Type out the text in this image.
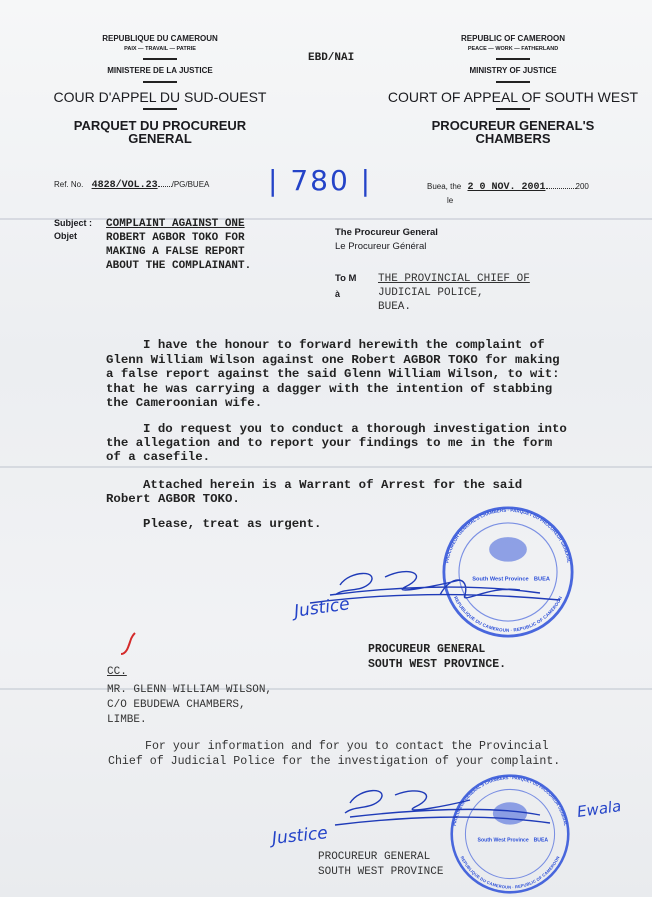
REPUBLIQUE DU CAMEROUN
PAIX — TRAVAIL — PATRIE
MINISTERE DE LA JUSTICE
COUR D'APPEL DU SUD-OUEST
PARQUET DU PROCUREUR
GENERAL
REPUBLIC OF CAMEROON
PEACE — WORK — FATHERLAND
MINISTRY OF JUSTICE
COURT OF APPEAL OF SOUTH WEST
PROCUREUR GENERAL'S
CHAMBERS
EBD/NAI
Ref. No. 4828/VOL.23 /PG/BUEA | 780 |	Buea, the 2 0 NOV. 2001	200
le
Subject :
Objet
COMPLAINT AGAINST ONE
ROBERT AGBOR TOKO FOR
MAKING A FALSE REPORT
ABOUT THE COMPLAINANT.
The Procureur General
Le Procureur Général
To M
à
THE PROVINCIAL CHIEF OF
JUDICIAL POLICE,
BUEA.
I have the honour to forward herewith the complaint of
Glenn William Wilson against one Robert AGBOR TOKO for making
a false report against the said Glenn William Wilson, to wit:
that he was carrying a dagger with the intention of stabbing
the Cameroonian wife.
I do request you to conduct a thorough investigation into
the allegation and to report your findings to me in the form
of a casefile.
Attached herein is a Warrant of Arrest for the said
Robert AGBOR TOKO.
Please, treat as urgent.
PROCUREUR GENERAL'S CHAMBERS · PARQUET DU PROCUREUR GENERAL
REPUBLIQUE DU CAMEROUN · REPUBLIC OF CAMEROON
South West Province BUEA
Justice
PROCUREUR GENERAL
SOUTH WEST PROVINCE.
CC.
MR. GLENN WILLIAM WILSON,
C/O EBUDEWA CHAMBERS,
LIMBE.
For your information and for you to contact the Provincial
Chief of Judicial Police for the investigation of your complaint.
PROCUREUR GENERAL'S CHAMBERS · PARQUET DU PROCUREUR GENERAL
REPUBLIQUE DU CAMEROUN · REPUBLIC OF CAMEROON
South West Province BUEA
Justice
Ewala
PROCUREUR GENERAL
SOUTH WEST PROVINCE
